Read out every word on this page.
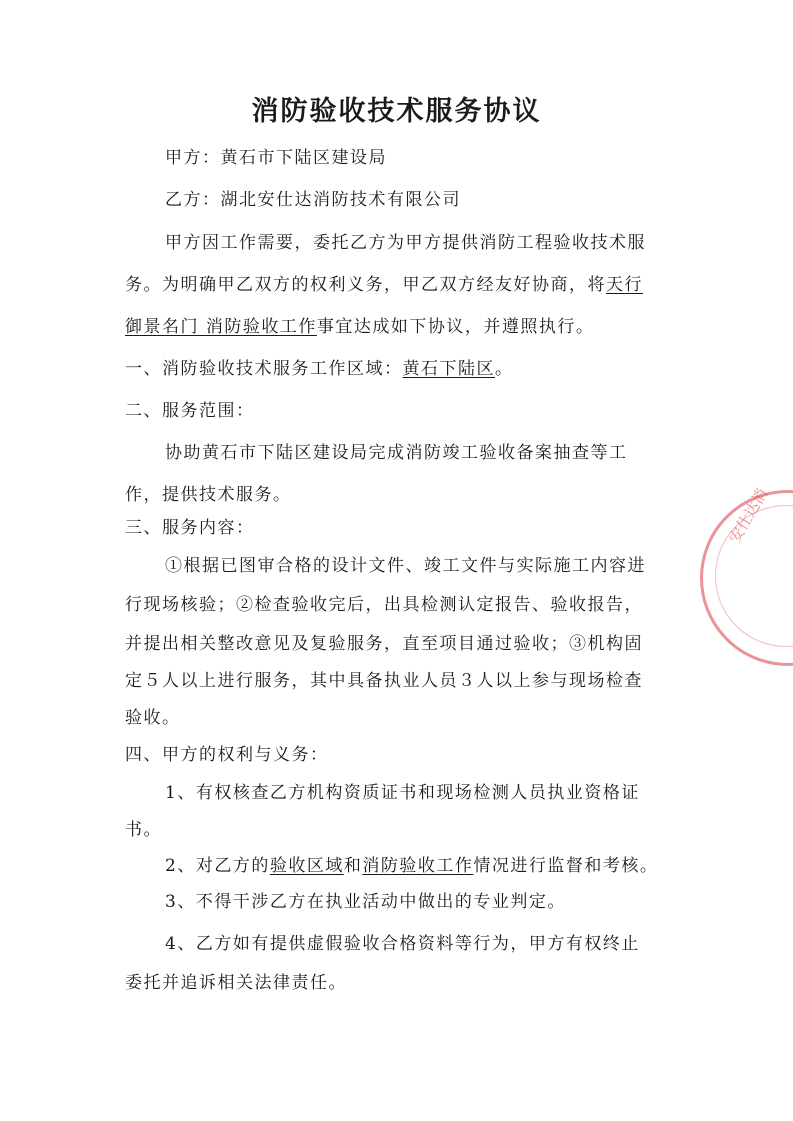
消防验收技术服务协议
甲方：黄石市下陆区建设局
乙方：湖北安仕达消防技术有限公司
甲方因工作需要，委托乙方为甲方提供消防工程验收技术服
务。为明确甲乙双方的权利义务，甲乙双方经友好协商，将天行
御景名门 消防验收工作事宜达成如下协议，并遵照执行。
一、消防验收技术服务工作区域：黄石下陆区。
二、服务范围：
协助黄石市下陆区建设局完成消防竣工验收备案抽查等工
作，提供技术服务。
三、服务内容：
①根据已图审合格的设计文件、竣工文件与实际施工内容进
行现场核验；②检查验收完后，出具检测认定报告、验收报告，
并提出相关整改意见及复验服务，直至项目通过验收；③机构固
定５人以上进行服务，其中具备执业人员３人以上参与现场检查
验收。
四、甲方的权利与义务：
1、有权核查乙方机构资质证书和现场检测人员执业资格证
书。
2、对乙方的验收区域和消防验收工作情况进行监督和考核。
3、不得干涉乙方在执业活动中做出的专业判定。
4、乙方如有提供虚假验收合格资料等行为，甲方有权终止
委托并追诉相关法律责任。
安仕达消
